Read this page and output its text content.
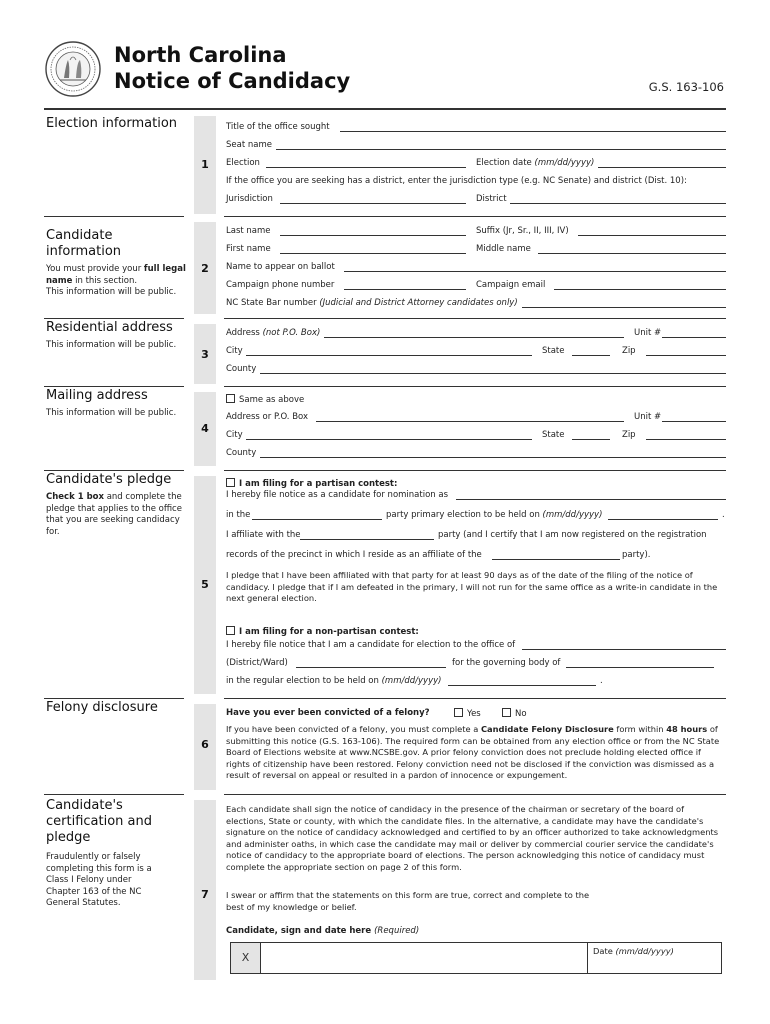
North Carolina
Notice of Candidacy	G.S. 163-106
Election information
1
Title of the office sought
Seat name
Election	Election date (mm/dd/yyyy)
If the office you are seeking has a district, enter the jurisdiction type (e.g. NC Senate) and district (Dist. 10):
Jurisdiction	District
Candidate information
You must provide your full legal name in this section.
This information will be public.
2
Last name	Suffix (Jr, Sr., II, III, IV)
First name	Middle name
Name to appear on ballot
Campaign phone number	Campaign email
NC State Bar number (Judicial and District Attorney candidates only)
Residential address
This information will be public.
3
Address (not P.O. Box)	Unit #
City	State	Zip
County
Mailing address
This information will be public.
4
Same as above
Address or P.O. Box	Unit #
City	State	Zip
County
Candidate's pledge
Check 1 box and complete the pledge that applies to the office that you are seeking candidacy for.
5
I am filing for a partisan contest:
I hereby file notice as a candidate for nomination as
in the	party primary election to be held on (mm/dd/yyyy)	.
I affiliate with the	party (and I certify that I am now registered on the registration
records of the precinct in which I reside as an affiliate of the	party).
I pledge that I have been affiliated with that party for at least 90 days as of the date of the filing of the notice of candidacy. I pledge that if I am defeated in the primary, I will not run for the same office as a write-in candidate in the next general election.
I am filing for a non-partisan contest:
I hereby file notice that I am a candidate for election to the office of
(District/Ward)	for the governing body of
in the regular election to be held on (mm/dd/yyyy)	.
Felony disclosure
6
Have you ever been convicted of a felony?	Yes	No
If you have been convicted of a felony, you must complete a Candidate Felony Disclosure form within 48 hours of submitting this notice (G.S. 163-106). The required form can be obtained from any election office or from the NC State Board of Elections website at www.NCSBE.gov. A prior felony conviction does not preclude holding elected office if rights of citizenship have been restored. Felony conviction need not be disclosed if the conviction was dismissed as a result of reversal on appeal or resulted in a pardon of innocence or expungement.
Candidate's certification and pledge
Fraudulently or falsely completing this form is a Class I Felony under Chapter 163 of the NC General Statutes.
7
Each candidate shall sign the notice of candidacy in the presence of the chairman or secretary of the board of elections, State or county, with which the candidate files. In the alternative, a candidate may have the candidate's signature on the notice of candidacy acknowledged and certified to by an officer authorized to take acknowledgments and administer oaths, in which case the candidate may mail or deliver by commercial courier service the candidate's notice of candidacy to the appropriate board of elections. The person acknowledging this notice of candidacy must complete the appropriate section on page 2 of this form.
I swear or affirm that the statements on this form are true, correct and complete to the best of my knowledge or belief.
Candidate, sign and date here (Required)
X	Date (mm/dd/yyyy)
